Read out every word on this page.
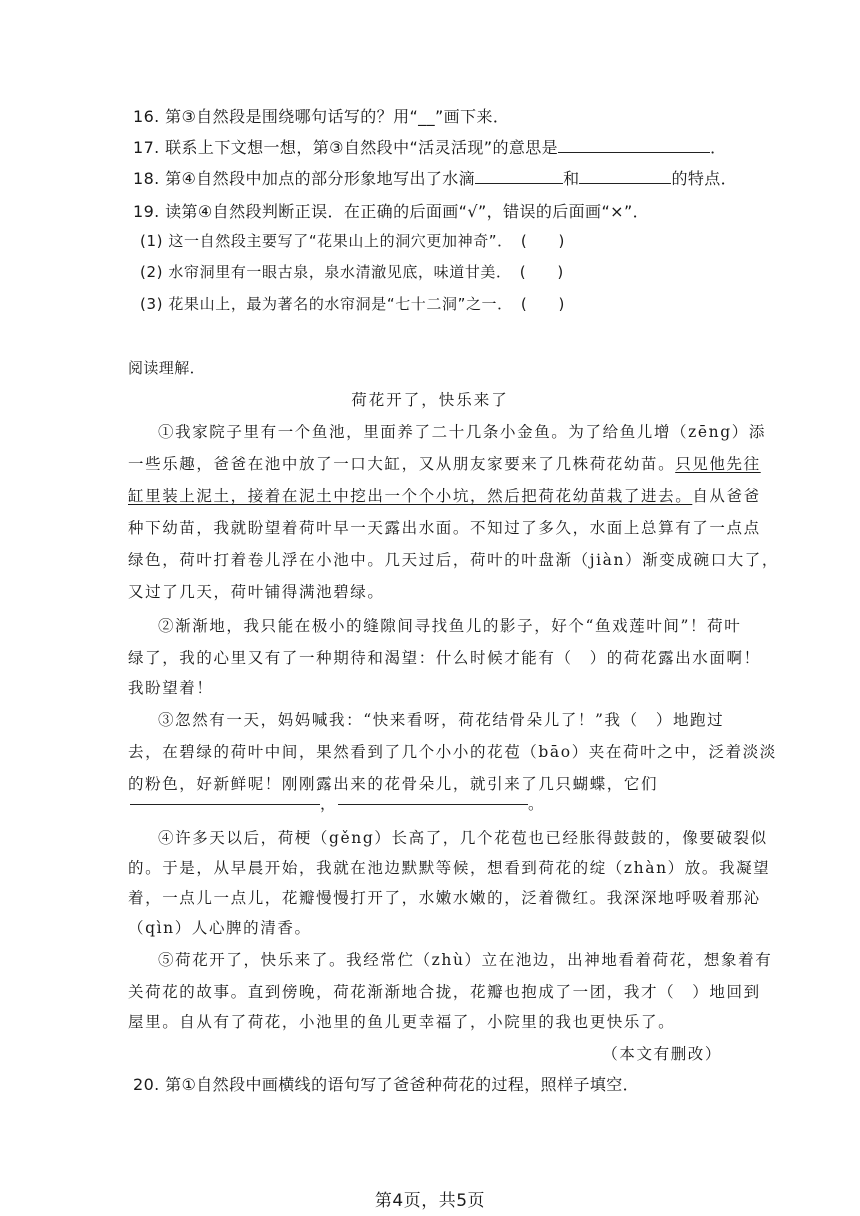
16. 第③自然段是围绕哪句话写的？用“__”画下来．
17. 联系上下文想一想，第③自然段中“活灵活现”的意思是	．
18. 第④自然段中加点的部分形象地写出了水滴	和	的特点．
19. 读第④自然段判断正误．在正确的后面画“√”，错误的后面画“×”．
(1) 这一自然段主要写了“花果山上的洞穴更加神奇”．　(　　)
(2) 水帘洞里有一眼古泉，泉水清澈见底，味道甘美．　(　　)
(3) 花果山上，最为著名的水帘洞是“七十二洞”之一．　(　　)
阅读理解．
荷花开了，快乐来了
①我家院子里有一个鱼池，里面养了二十几条小金鱼。为了给鱼儿增（zēng）添
一些乐趣，爸爸在池中放了一口大缸，又从朋友家要来了几株荷花幼苗。只见他先往
缸里装上泥土，接着在泥土中挖出一个个小坑，然后把荷花幼苗栽了进去。自从爸爸
种下幼苗，我就盼望着荷叶早一天露出水面。不知过了多久，水面上总算有了一点点
绿色，荷叶打着卷儿浮在小池中。几天过后，荷叶的叶盘渐（jiàn）渐变成碗口大了，
又过了几天，荷叶铺得满池碧绿。
②渐渐地，我只能在极小的缝隙间寻找鱼儿的影子，好个“鱼戏莲叶间”！荷叶
绿了，我的心里又有了一种期待和渴望：什么时候才能有（　）的荷花露出水面啊！
我盼望着！
③忽然有一天，妈妈喊我：“快来看呀，荷花结骨朵儿了！”我（　）地跑过
去，在碧绿的荷叶中间，果然看到了几个小小的花苞（bāo）夹在荷叶之中，泛着淡淡
的粉色，好新鲜呢！刚刚露出来的花骨朵儿，就引来了几只蝴蝶，它们
，	。
④许多天以后，荷梗（gěng）长高了，几个花苞也已经胀得鼓鼓的，像要破裂似
的。于是，从早晨开始，我就在池边默默等候，想看到荷花的绽（zhàn）放。我凝望
着，一点儿一点儿，花瓣慢慢打开了，水嫩水嫩的，泛着微红。我深深地呼吸着那沁
（qìn）人心脾的清香。
⑤荷花开了，快乐来了。我经常伫（zhù）立在池边，出神地看着荷花，想象着有
关荷花的故事。直到傍晚，荷花渐渐地合拢，花瓣也抱成了一团，我才（　）地回到
屋里。自从有了荷花，小池里的鱼儿更幸福了，小院里的我也更快乐了。
（本文有删改）
20. 第①自然段中画横线的语句写了爸爸种荷花的过程，照样子填空．
第4页，共5页
